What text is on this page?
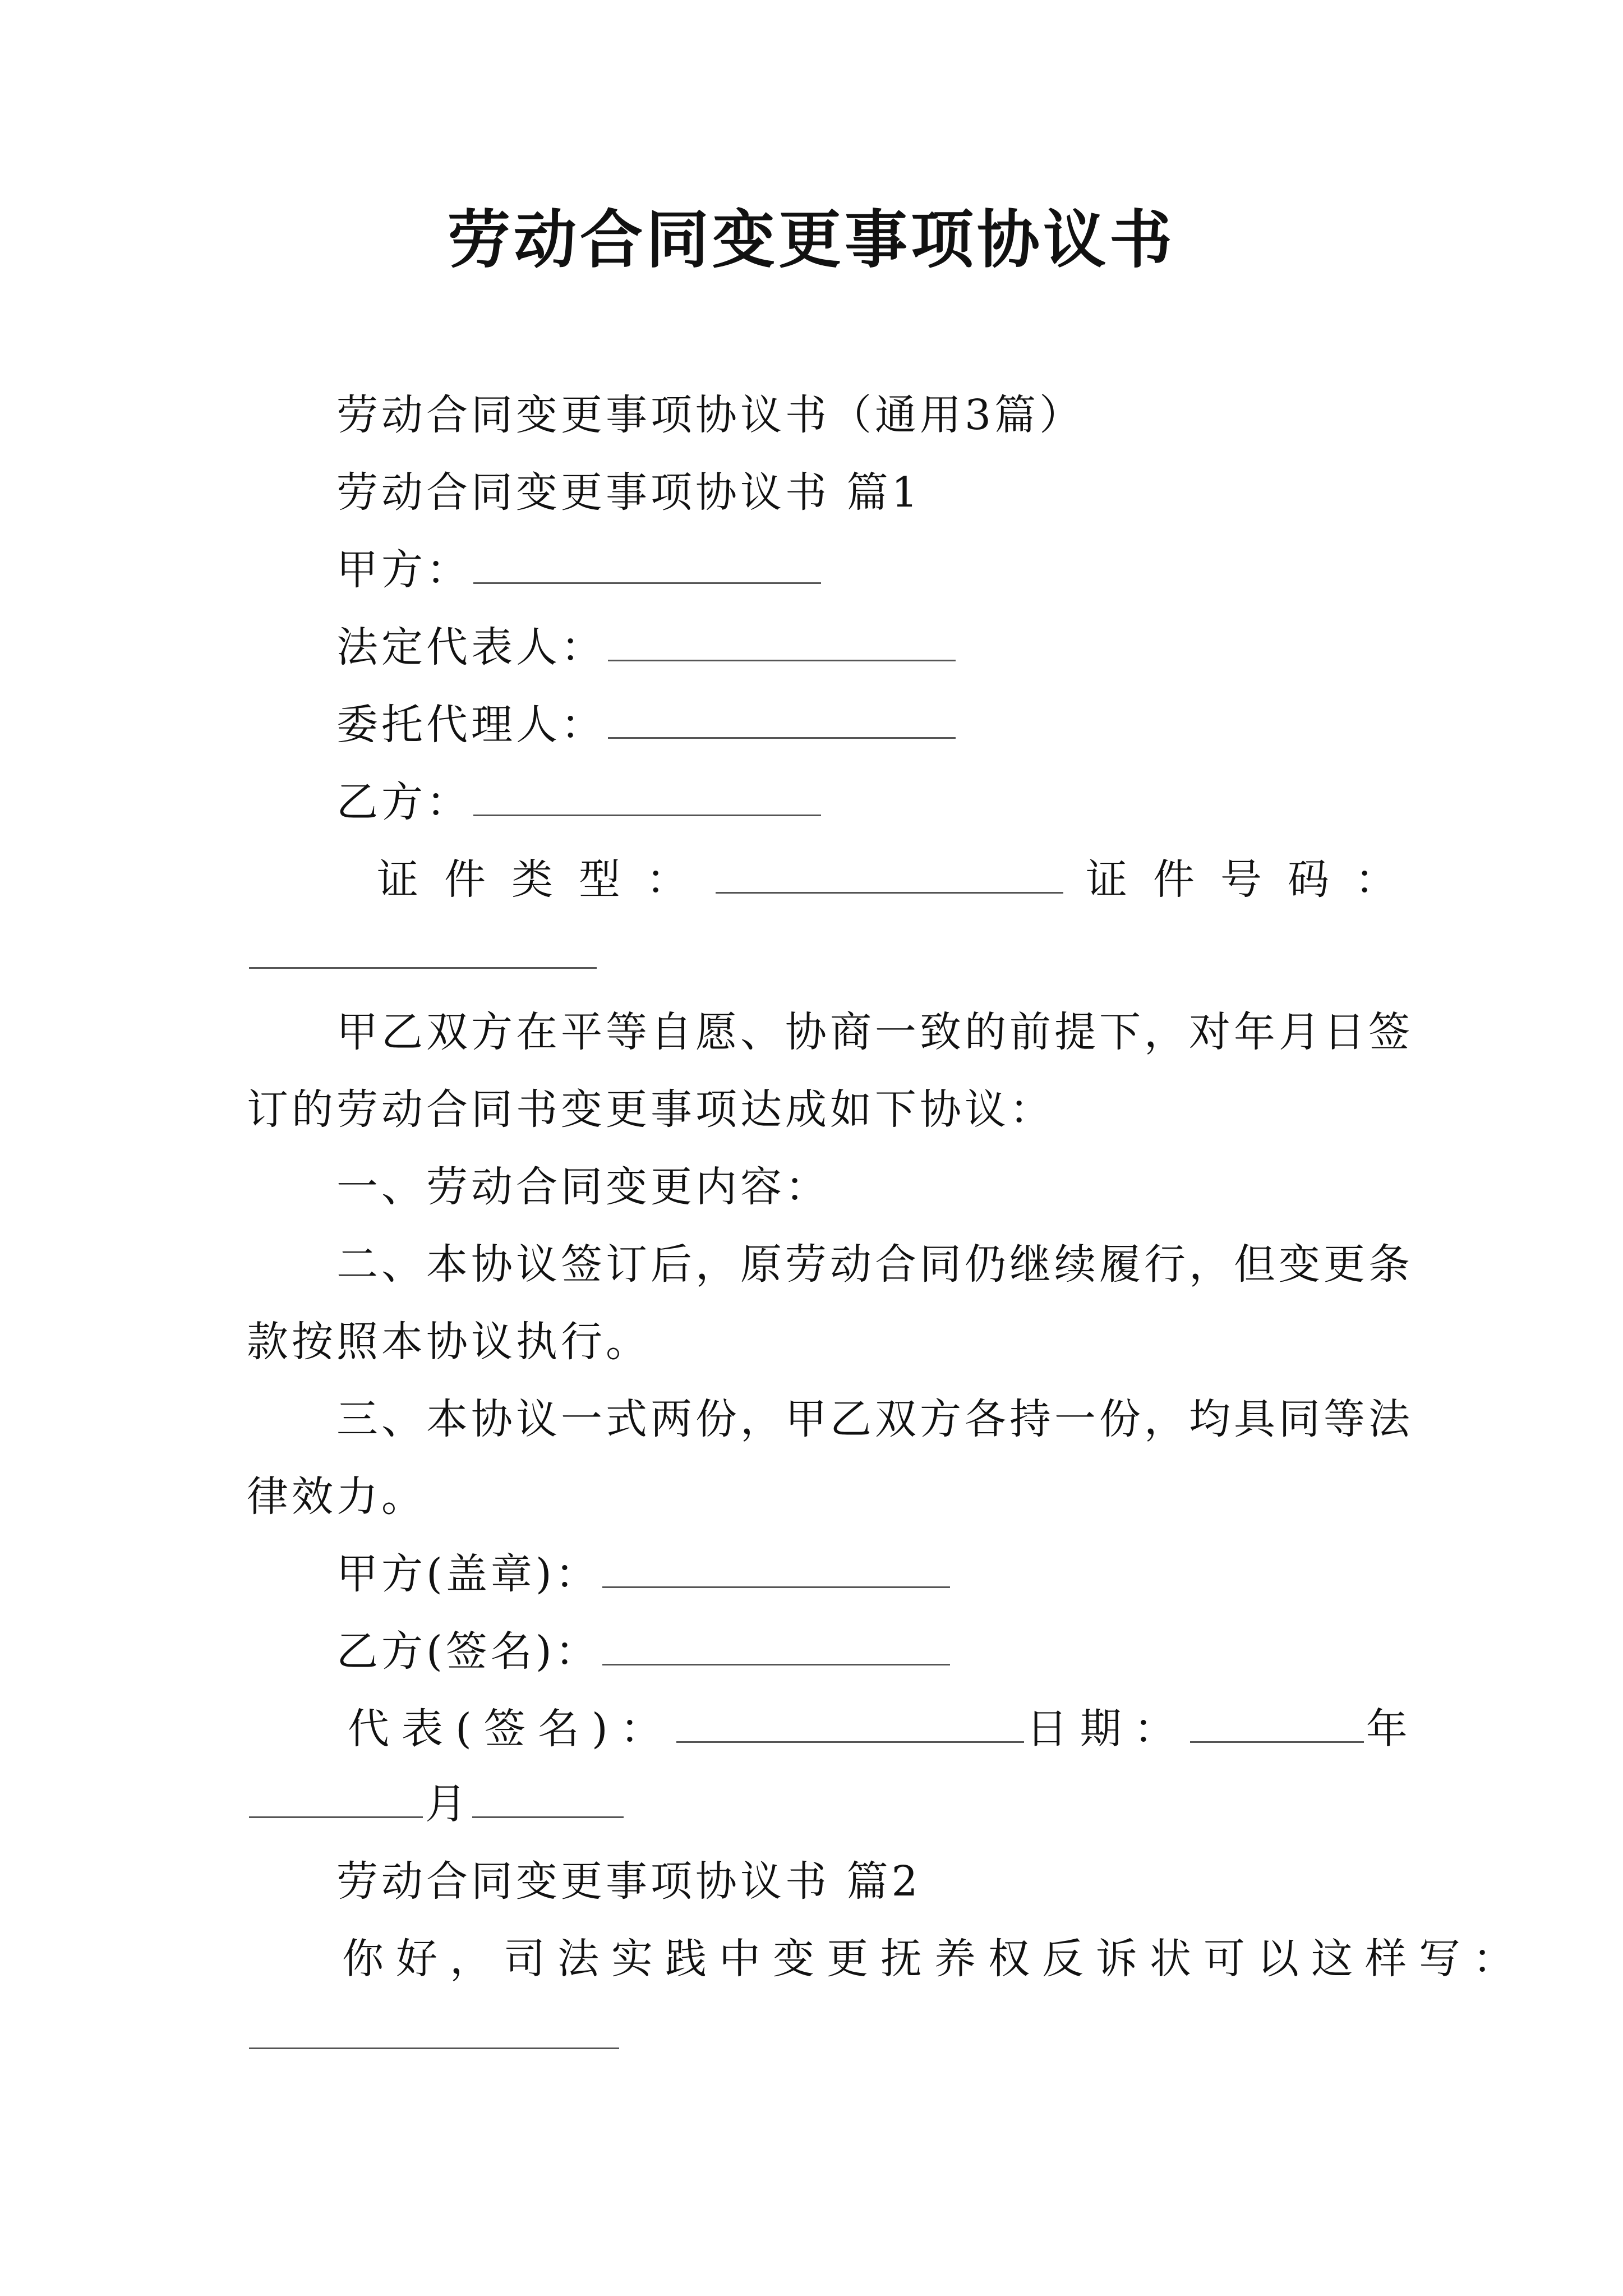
劳动合同变更事项协议书
劳动合同变更事项协议书（通用3篇）
劳动合同变更事项协议书 篇1
甲方：
法定代表人：
委托代理人：
乙方：
证件类型：	证件号码：
甲乙双方在平等自愿、协商一致的前提下，对年月日签
订的劳动合同书变更事项达成如下协议：
一、劳动合同变更内容：
二、本协议签订后，原劳动合同仍继续履行，但变更条
款按照本协议执行。
三、本协议一式两份，甲乙双方各持一份，均具同等法
律效力。
甲方(盖章)：
乙方(签名)：
代表(签名)：	日期：	年
月
劳动合同变更事项协议书 篇2
你好，司法实践中变更抚养权反诉状可以这样写：
